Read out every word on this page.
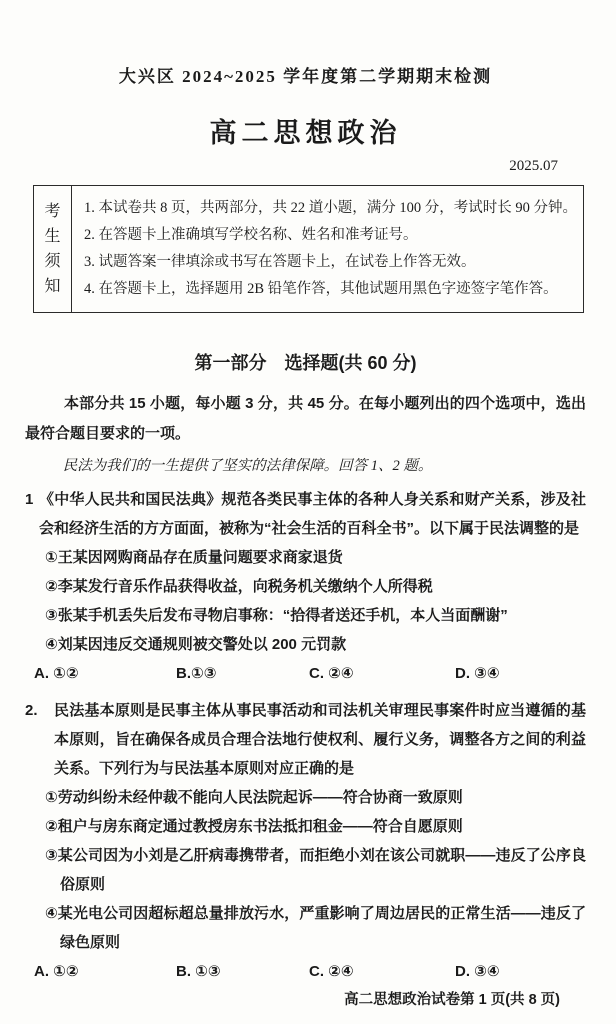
大兴区 2024~2025 学年度第二学期期末检测
高二思想政治
2025.07
考生须知
1. 本试卷共 8 页，共两部分，共 22 道小题，满分 100 分，考试时长 90 分钟。
2. 在答题卡上准确填写学校名称、姓名和准考证号。
3. 试题答案一律填涂或书写在答题卡上，在试卷上作答无效。
4. 在答题卡上，选择题用 2B 铅笔作答，其他试题用黑色字迹签字笔作答。
第一部分　选择题(共 60 分)
本部分共 15 小题，每小题 3 分，共 45 分。在每小题列出的四个选项中，选出最符合题目要求的一项。
民法为我们的一生提供了坚实的法律保障。回答 1、2 题。
1 《中华人民共和国民法典》规范各类民事主体的各种人身关系和财产关系，涉及社会和经济生活的方方面面，被称为“社会生活的百科全书”。以下属于民法调整的是
①王某因网购商品存在质量问题要求商家退货
②李某发行音乐作品获得收益，向税务机关缴纳个人所得税
③张某手机丢失后发布寻物启事称：“拾得者送还手机，本人当面酬谢”
④刘某因违反交通规则被交警处以 200 元罚款
A. ①②	B.①③	C. ②④	D. ③④
2.	民法基本原则是民事主体从事民事活动和司法机关审理民事案件时应当遵循的基本原则，旨在确保各成员合理合法地行使权利、履行义务，调整各方之间的利益关系。下列行为与民法基本原则对应正确的是
①劳动纠纷未经仲裁不能向人民法院起诉——符合协商一致原则
②租户与房东商定通过教授房东书法抵扣租金——符合自愿原则
③某公司因为小刘是乙肝病毒携带者，而拒绝小刘在该公司就职——违反了公序良俗原则
④某光电公司因超标超总量排放污水，严重影响了周边居民的正常生活——违反了绿色原则
A. ①②	B. ①③	C. ②④	D. ③④
高二思想政治试卷第 1 页(共 8 页)
